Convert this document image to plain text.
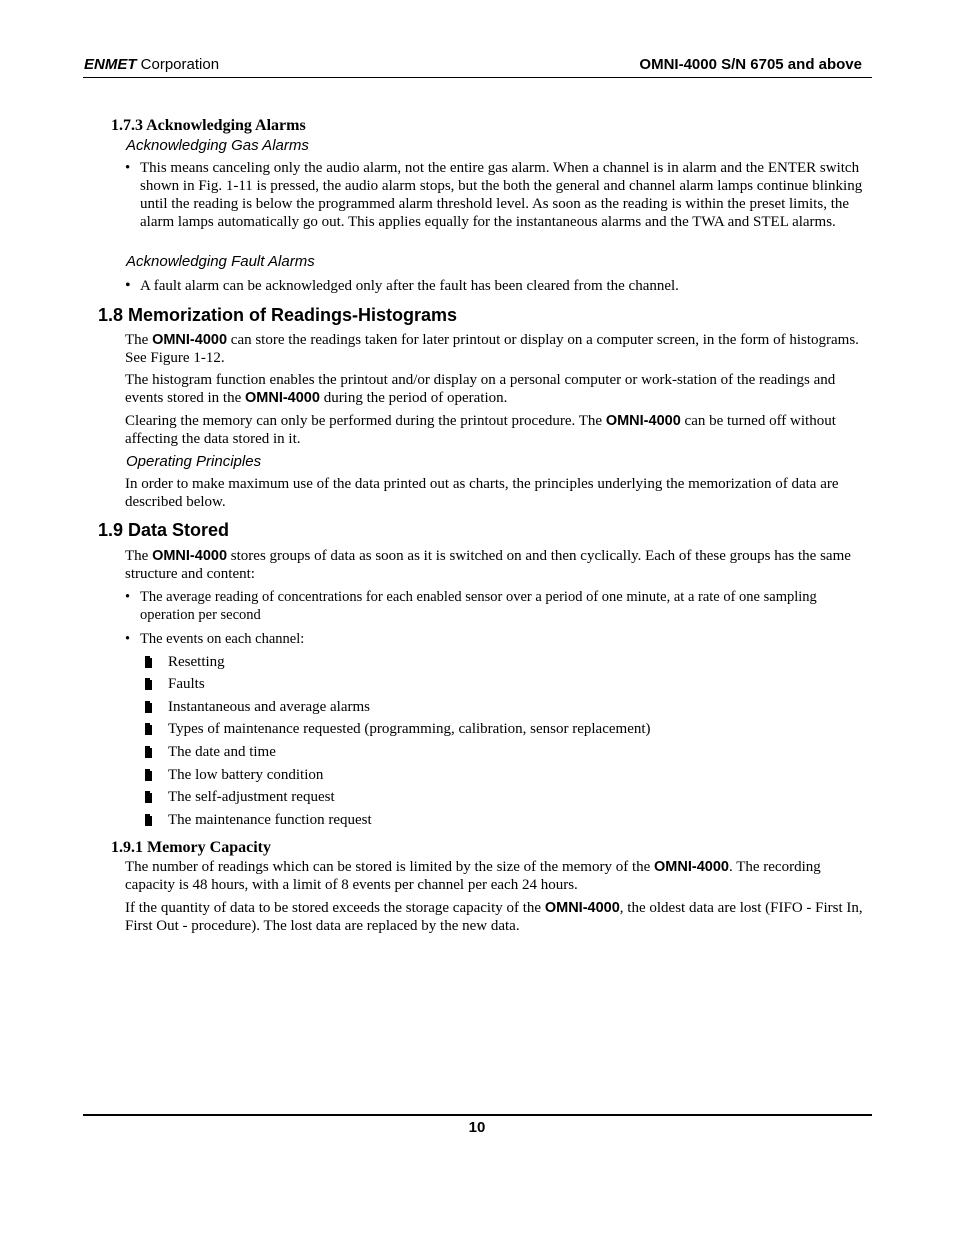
ENMET Corporation	OMNI-4000 S/N 6705 and above
1.7.3 Acknowledging Alarms
Acknowledging Gas Alarms
• This means canceling only the audio alarm, not the entire gas alarm. When a channel is in alarm and the ENTER switch shown in Fig. 1-11 is pressed, the audio alarm stops, but the both the general and channel alarm lamps continue blinking until the reading is below the programmed alarm threshold level. As soon as the reading is within the preset limits, the alarm lamps automatically go out. This applies equally for the instantaneous alarms and the TWA and STEL alarms.
Acknowledging Fault Alarms
• A fault alarm can be acknowledged only after the fault has been cleared from the channel.
1.8 Memorization of Readings-Histograms
The OMNI-4000 can store the readings taken for later printout or display on a computer screen, in the form of histograms. See Figure 1-12.
The histogram function enables the printout and/or display on a personal computer or work-station of the readings and events stored in the OMNI-4000 during the period of operation.
Clearing the memory can only be performed during the printout procedure. The OMNI-4000 can be turned off without affecting the data stored in it.
Operating Principles
In order to make maximum use of the data printed out as charts, the principles underlying the memorization of data are described below.
1.9 Data Stored
The OMNI-4000 stores groups of data as soon as it is switched on and then cyclically. Each of these groups has the same structure and content:
• The average reading of concentrations for each enabled sensor over a period of one minute, at a rate of one sampling operation per second
• The events on each channel:
Resetting
Faults
Instantaneous and average alarms
Types of maintenance requested (programming, calibration, sensor replacement)
The date and time
The low battery condition
The self-adjustment request
The maintenance function request
1.9.1 Memory Capacity
The number of readings which can be stored is limited by the size of the memory of the OMNI-4000. The recording capacity is 48 hours, with a limit of 8 events per channel per each 24 hours.
If the quantity of data to be stored exceeds the storage capacity of the OMNI-4000, the oldest data are lost (FIFO - First In, First Out - procedure). The lost data are replaced by the new data.
10
